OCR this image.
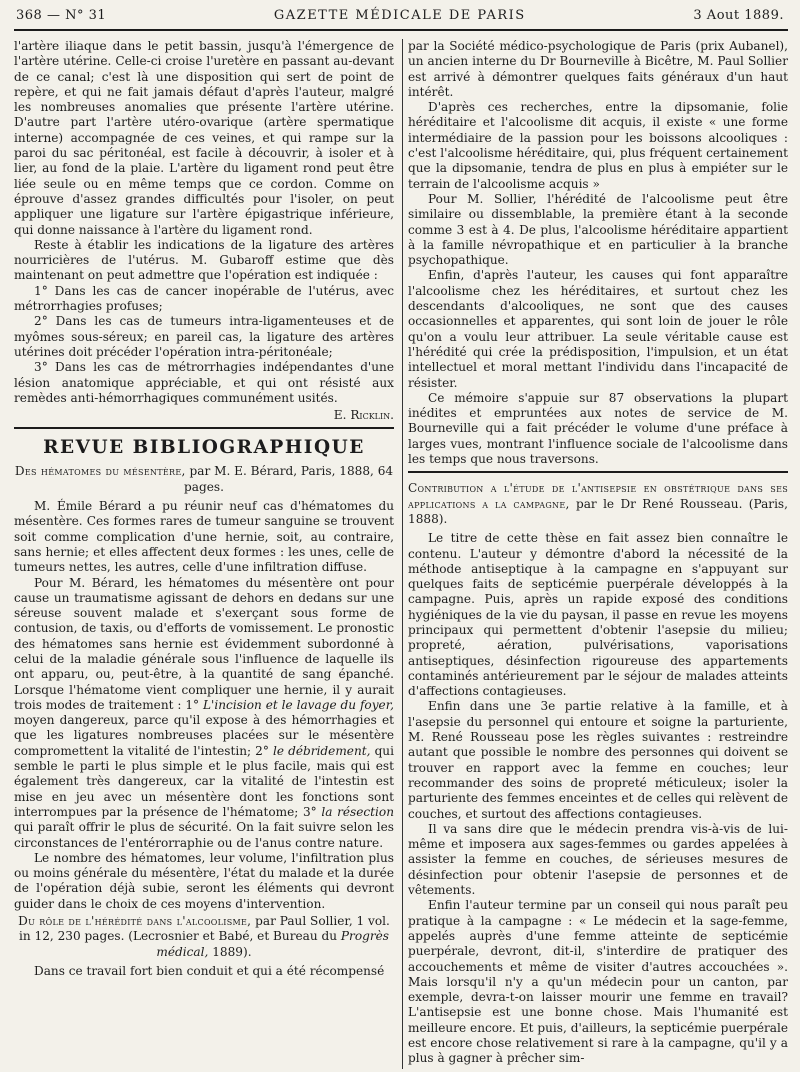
368 — N° 31	GAZETTE MÉDICALE DE PARIS	3 Aout 1889.

l'artère iliaque dans le petit bassin, jusqu'à l'émergence de l'artère utérine. Celle-ci croise l'uretère en passant au-devant de ce canal; c'est là une disposition qui sert de point de repère, et qui ne fait jamais défaut d'après l'auteur, malgré les nombreuses anomalies que présente l'artère utérine. D'autre part l'artère utéro-ovarique (artère spermatique interne) accompagnée de ces veines, et qui rampe sur la paroi du sac péritonéal, est facile à découvrir, à isoler et à lier, au fond de la plaie. L'artère du ligament rond peut être liée seule ou en même temps que ce cordon. Comme on éprouve d'assez grandes difficultés pour l'isoler, on peut appliquer une ligature sur l'artère épigastrique inférieure, qui donne naissance à l'artère du ligament rond.

Reste à établir les indications de la ligature des artères nourricières de l'utérus. M. Gubaroff estime que dès maintenant on peut admettre que l'opération est indiquée :

1° Dans les cas de cancer inopérable de l'utérus, avec métrorrhagies profuses;

2° Dans les cas de tumeurs intra-ligamenteuses et de myômes sous-séreux; en pareil cas, la ligature des artères utérines doit précéder l'opération intra-péritonéale;

3° Dans les cas de métrorrhagies indépendantes d'une lésion anatomique appréciable, et qui ont résisté aux remèdes anti-hémorrhagiques communément usités.

E. Ricklin.

REVUE BIBLIOGRAPHIQUE
Des hématomes du mésentère, par M. E. Bérard, Paris, 1888, 64 pages.

M. Émile Bérard a pu réunir neuf cas d'hématomes du mésentère. Ces formes rares de tumeur sanguine se trouvent soit comme complication d'une hernie, soit, au contraire, sans hernie; et elles affectent deux formes : les unes, celle de tumeurs nettes, les autres, celle d'une infiltration diffuse.

Pour M. Bérard, les hématomes du mésentère ont pour cause un traumatisme agissant de dehors en dedans sur une séreuse souvent malade et s'exerçant sous forme de contusion, de taxis, ou d'efforts de vomissement. Le pronostic des hématomes sans hernie est évidemment subordonné à celui de la maladie générale sous l'influence de laquelle ils ont apparu, ou, peut-être, à la quantité de sang épanché. Lorsque l'hématome vient compliquer une hernie, il y aurait trois modes de traitement : 1° L'incision et le lavage du foyer, moyen dangereux, parce qu'il expose à des hémorrhagies et que les ligatures nombreuses placées sur le mésentère compromettent la vitalité de l'intestin; 2° le débridement, qui semble le parti le plus simple et le plus facile, mais qui est également très dangereux, car la vitalité de l'intestin est mise en jeu avec un mésentère dont les fonctions sont interrompues par la présence de l'hématome; 3° la résection qui paraît offrir le plus de sécurité. On la fait suivre selon les circonstances de l'entérorraphie ou de l'anus contre nature.

Le nombre des hématomes, leur volume, l'infiltration plus ou moins générale du mésentère, l'état du malade et la durée de l'opération déjà subie, seront les éléments qui devront guider dans le choix de ces moyens d'intervention.

Du rôle de l'hérédité dans l'alcoolisme, par Paul Sollier, 1 vol. in 12, 230 pages. (Lecrosnier et Babé, et Bureau du Progrès médical, 1889).

Dans ce travail fort bien conduit et qui a été récompensé

par la Société médico-psychologique de Paris (prix Aubanel), un ancien interne du Dr Bourneville à Bicêtre, M. Paul Sollier est arrivé à démontrer quelques faits généraux d'un haut intérêt.

D'après ces recherches, entre la dipsomanie, folie héréditaire et l'alcoolisme dit acquis, il existe « une forme intermédiaire de la passion pour les boissons alcooliques : c'est l'alcoolisme héréditaire, qui, plus fréquent certainement que la dipsomanie, tendra de plus en plus à empiéter sur le terrain de l'alcoolisme acquis »

Pour M. Sollier, l'hérédité de l'alcoolisme peut être similaire ou dissemblable, la première étant à la seconde comme 3 est à 4. De plus, l'alcoolisme héréditaire appartient à la famille névropathique et en particulier à la branche psychopathique.

Enfin, d'après l'auteur, les causes qui font apparaître l'alcoolisme chez les héréditaires, et surtout chez les descendants d'alcooliques, ne sont que des causes occasionnelles et apparentes, qui sont loin de jouer le rôle qu'on a voulu leur attribuer. La seule véritable cause est l'hérédité qui crée la prédisposition, l'impulsion, et un état intellectuel et moral mettant l'individu dans l'incapacité de résister.

Ce mémoire s'appuie sur 87 observations la plupart inédites et empruntées aux notes de service de M. Bourneville qui a fait précéder le volume d'une préface à larges vues, montrant l'influence sociale de l'alcoolisme dans les temps que nous traversons.

Contribution a l'étude de l'antisepsie en obstétrique dans ses applications a la campagne, par le Dr René Rousseau. (Paris, 1888).

Le titre de cette thèse en fait assez bien connaître le contenu. L'auteur y démontre d'abord la nécessité de la méthode antiseptique à la campagne en s'appuyant sur quelques faits de septicémie puerpérale développés à la campagne. Puis, après un rapide exposé des conditions hygiéniques de la vie du paysan, il passe en revue les moyens principaux qui permettent d'obtenir l'asepsie du milieu; propreté, aération, pulvérisations, vaporisations antiseptiques, désinfection rigoureuse des appartements contaminés antérieurement par le séjour de malades atteints d'affections contagieuses.

Enfin dans une 3e partie relative à la famille, et à l'asepsie du personnel qui entoure et soigne la parturiente, M. René Rousseau pose les règles suivantes : restreindre autant que possible le nombre des personnes qui doivent se trouver en rapport avec la femme en couches; leur recommander des soins de propreté méticuleux; isoler la parturiente des femmes enceintes et de celles qui relèvent de couches, et surtout des affections contagieuses.

Il va sans dire que le médecin prendra vis-à-vis de lui-même et imposera aux sages-femmes ou gardes appelées à assister la femme en couches, de sérieuses mesures de désinfection pour obtenir l'asepsie de personnes et de vêtements.

Enfin l'auteur termine par un conseil qui nous paraît peu pratique à la campagne : « Le médecin et la sage-femme, appelés auprès d'une femme atteinte de septicémie puerpérale, devront, dit-il, s'interdire de pratiquer des accouchements et même de visiter d'autres accouchées ». Mais lorsqu'il n'y a qu'un médecin pour un canton, par exemple, devra-t-on laisser mourir une femme en travail? L'antisepsie est une bonne chose. Mais l'humanité est meilleure encore. Et puis, d'ailleurs, la septicémie puerpérale est encore chose relativement si rare à la campagne, qu'il y a plus à gagner à prêcher sim-
